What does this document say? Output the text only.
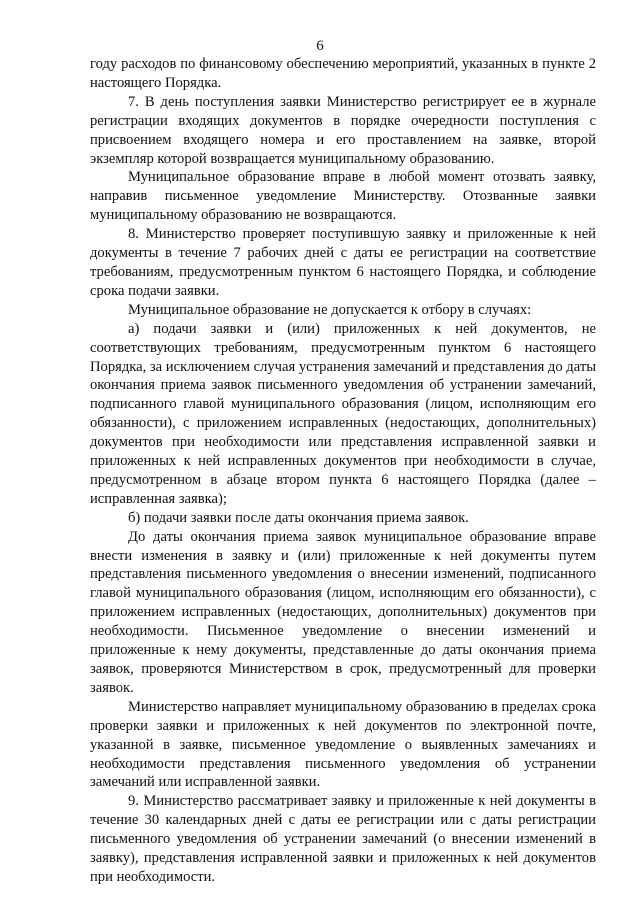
6

году расходов по финансовому обеспечению мероприятий, указанных в пункте 2 настоящего Порядка.

7. В день поступления заявки Министерство регистрирует ее в журнале регистрации входящих документов в порядке очередности поступления с присвоением входящего номера и его проставлением на заявке, второй экземпляр которой возвращается муниципальному образованию.

Муниципальное образование вправе в любой момент отозвать заявку, направив письменное уведомление Министерству. Отозванные заявки муниципальному образованию не возвращаются.

8. Министерство проверяет поступившую заявку и приложенные к ней документы в течение 7 рабочих дней с даты ее регистрации на соответствие требованиям, предусмотренным пунктом 6 настоящего Порядка, и соблюдение срока подачи заявки.

Муниципальное образование не допускается к отбору в случаях:

а) подачи заявки и (или) приложенных к ней документов, не соответствующих требованиям, предусмотренным пунктом 6 настоящего Порядка, за исключением случая устранения замечаний и представления до даты окончания приема заявок письменного уведомления об устранении замечаний, подписанного главой муниципального образования (лицом, исполняющим его обязанности), с приложением исправленных (недостающих, дополнительных) документов при необходимости или представления исправленной заявки и приложенных к ней исправленных документов при необходимости в случае, предусмотренном в абзаце втором пункта 6 настоящего Порядка (далее – исправленная заявка);

б) подачи заявки после даты окончания приема заявок.

До даты окончания приема заявок муниципальное образование вправе внести изменения в заявку и (или) приложенные к ней документы путем представления письменного уведомления о внесении изменений, подписанного главой муниципального образования (лицом, исполняющим его обязанности), с приложением исправленных (недостающих, дополнительных) документов при необходимости. Письменное уведомление о внесении изменений и приложенные к нему документы, представленные до даты окончания приема заявок, проверяются Министерством в срок, предусмотренный для проверки заявок.

Министерство направляет муниципальному образованию в пределах срока проверки заявки и приложенных к ней документов по электронной почте, указанной в заявке, письменное уведомление о выявленных замечаниях и необходимости представления письменного уведомления об устранении замечаний или исправленной заявки.

9. Министерство рассматривает заявку и приложенные к ней документы в течение 30 календарных дней с даты ее регистрации или с даты регистрации письменного уведомления об устранении замечаний (о внесении изменений в заявку), представления исправленной заявки и приложенных к ней документов при необходимости.
